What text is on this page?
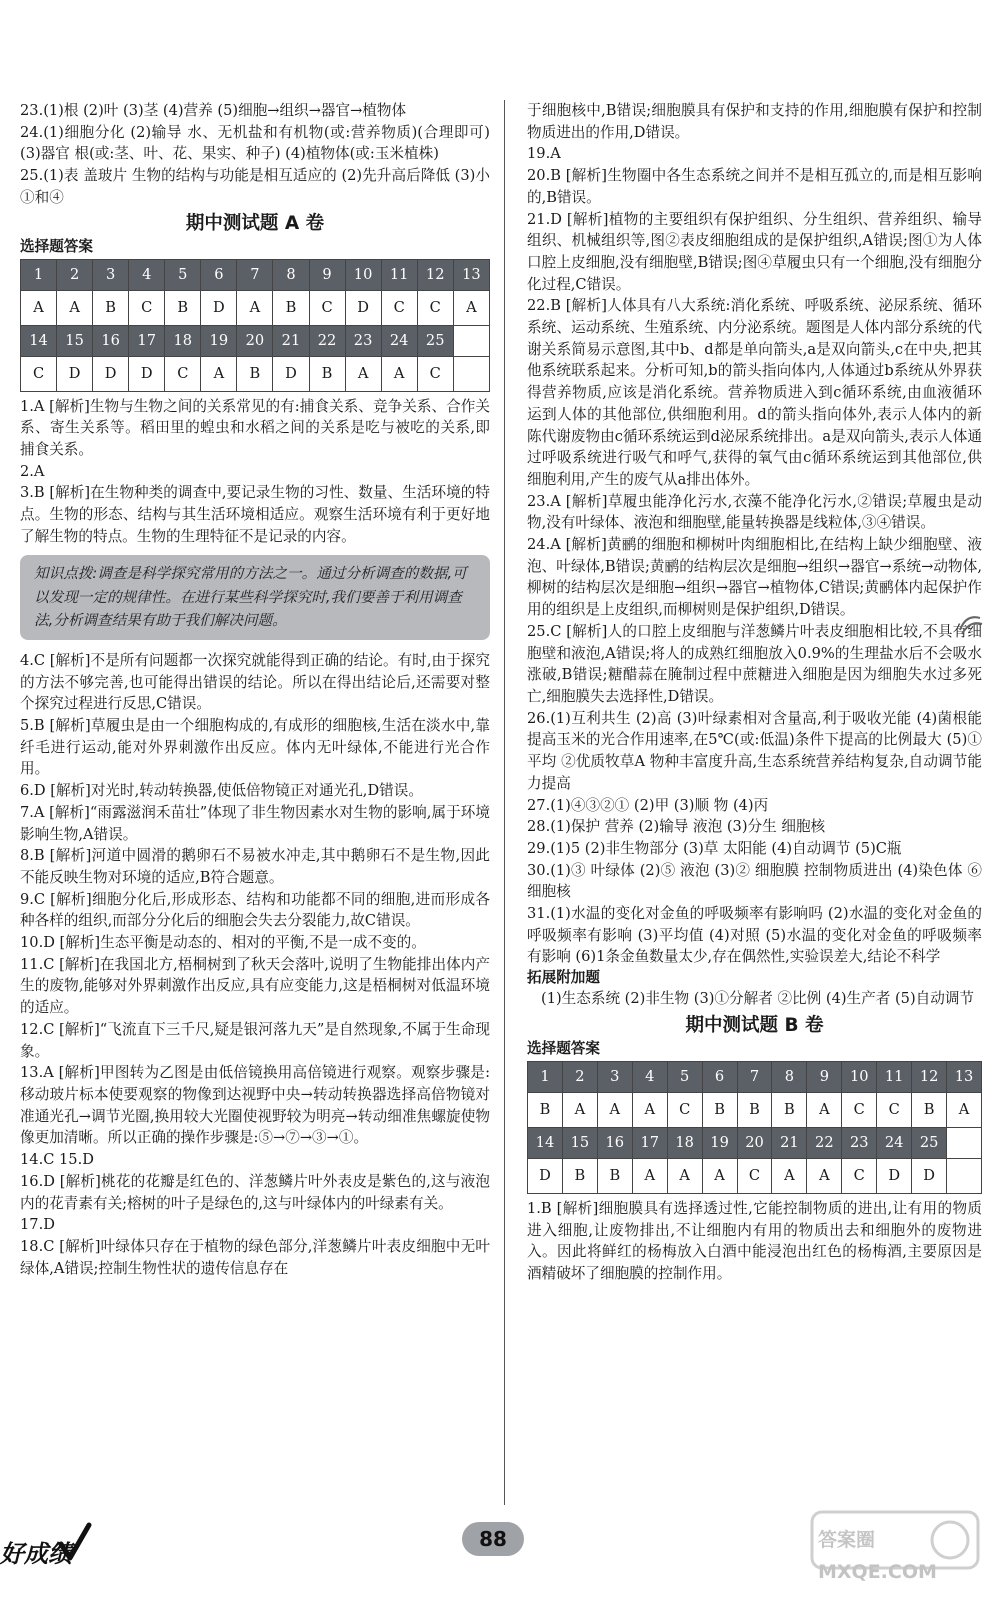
23.(1)根 (2)叶 (3)茎 (4)营养 (5)细胞→组织→器官→植物体

24.(1)细胞分化 (2)输导 水、无机盐和有机物(或:营养物质)(合理即可) (3)器官 根(或:茎、叶、花、果实、种子) (4)植物体(或:玉米植株)

25.(1)表 盖玻片 生物的结构与功能是相互适应的 (2)先升高后降低 (3)小 ①和④

期中测试题 A 卷
选择题答案
1	2	3	4	5	6	7	8	9	10	11	12	13
A	A	B	C	B	D	A	B	C	D	C	C	A
14	15	16	17	18	19	20	21	22	23	24	25	
C	D	D	D	C	A	B	D	B	A	A	C	

1.A [解析]生物与生物之间的关系常见的有:捕食关系、竞争关系、合作关系、寄生关系等。稻田里的蝗虫和水稻之间的关系是吃与被吃的关系,即捕食关系。

2.A

3.B [解析]在生物种类的调查中,要记录生物的习性、数量、生活环境的特点。生物的形态、结构与其生活环境相适应。观察生活环境有利于更好地了解生物的特点。生物的生理特征不是记录的内容。

知识点拨:调查是科学探究常用的方法之一。通过分析调查的数据,可以发现一定的规律性。在进行某些科学探究时,我们要善于利用调查法,分析调查结果有助于我们解决问题。

4.C [解析]不是所有问题都一次探究就能得到正确的结论。有时,由于探究的方法不够完善,也可能得出错误的结论。所以在得出结论后,还需要对整个探究过程进行反思,C错误。

5.B [解析]草履虫是由一个细胞构成的,有成形的细胞核,生活在淡水中,靠纤毛进行运动,能对外界刺激作出反应。体内无叶绿体,不能进行光合作用。

6.D [解析]对光时,转动转换器,使低倍物镜正对通光孔,D错误。

7.A [解析]“雨露滋润禾苗壮”体现了非生物因素水对生物的影响,属于环境影响生物,A错误。

8.B [解析]河道中圆滑的鹅卵石不易被水冲走,其中鹅卵石不是生物,因此不能反映生物对环境的适应,B符合题意。

9.C [解析]细胞分化后,形成形态、结构和功能都不同的细胞,进而形成各种各样的组织,而部分分化后的细胞会失去分裂能力,故C错误。

10.D [解析]生态平衡是动态的、相对的平衡,不是一成不变的。

11.C [解析]在我国北方,梧桐树到了秋天会落叶,说明了生物能排出体内产生的废物,能够对外界刺激作出反应,具有应变能力,这是梧桐树对低温环境的适应。

12.C [解析]“飞流直下三千尺,疑是银河落九天”是自然现象,不属于生命现象。

13.A [解析]甲图转为乙图是由低倍镜换用高倍镜进行观察。观察步骤是:移动玻片标本使要观察的物像到达视野中央→转动转换器选择高倍物镜对准通光孔→调节光圈,换用较大光圈使视野较为明亮→转动细准焦螺旋使物像更加清晰。所以正确的操作步骤是:⑤→⑦→③→①。

14.C 15.D

16.D [解析]桃花的花瓣是红色的、洋葱鳞片叶外表皮是紫色的,这与液泡内的花青素有关;榕树的叶子是绿色的,这与叶绿体内的叶绿素有关。

17.D

18.C [解析]叶绿体只存在于植物的绿色部分,洋葱鳞片叶表皮细胞中无叶绿体,A错误;控制生物性状的遗传信息存在

于细胞核中,B错误;细胞膜具有保护和支持的作用,细胞膜有保护和控制物质进出的作用,D错误。

19.A

20.B [解析]生物圈中各生态系统之间并不是相互孤立的,而是相互影响的,B错误。

21.D [解析]植物的主要组织有保护组织、分生组织、营养组织、输导组织、机械组织等,图②表皮细胞组成的是保护组织,A错误;图①为人体口腔上皮细胞,没有细胞壁,B错误;图④草履虫只有一个细胞,没有细胞分化过程,C错误。

22.B [解析]人体具有八大系统:消化系统、呼吸系统、泌尿系统、循环系统、运动系统、生殖系统、内分泌系统。题图是人体内部分系统的代谢关系简易示意图,其中b、d都是单向箭头,a是双向箭头,c在中央,把其他系统联系起来。分析可知,b的箭头指向体内,人体通过b系统从外界获得营养物质,应该是消化系统。营养物质进入到c循环系统,由血液循环运到人体的其他部位,供细胞利用。d的箭头指向体外,表示人体内的新陈代谢废物由c循环系统运到d泌尿系统排出。a是双向箭头,表示人体通过呼吸系统进行吸气和呼气,获得的氧气由c循环系统运到其他部位,供细胞利用,产生的废气从a排出体外。

23.A [解析]草履虫能净化污水,衣藻不能净化污水,②错误;草履虫是动物,没有叶绿体、液泡和细胞壁,能量转换器是线粒体,③④错误。

24.A [解析]黄鹂的细胞和柳树叶肉细胞相比,在结构上缺少细胞壁、液泡、叶绿体,B错误;黄鹂的结构层次是细胞→组织→器官→系统→动物体,柳树的结构层次是细胞→组织→器官→植物体,C错误;黄鹂体内起保护作用的组织是上皮组织,而柳树则是保护组织,D错误。

25.C [解析]人的口腔上皮细胞与洋葱鳞片叶表皮细胞相比较,不具有细胞壁和液泡,A错误;将人的成熟红细胞放入0.9%的生理盐水后不会吸水涨破,B错误;糖醋蒜在腌制过程中蔗糖进入细胞是因为细胞失水过多死亡,细胞膜失去选择性,D错误。

26.(1)互利共生 (2)高 (3)叶绿素相对含量高,利于吸收光能 (4)菌根能提高玉米的光合作用速率,在5℃(或:低温)条件下提高的比例最大 (5)①平均 ②优质牧草A 物种丰富度升高,生态系统营养结构复杂,自动调节能力提高

27.(1)④③②① (2)甲 (3)顺 物 (4)丙

28.(1)保护 营养 (2)输导 液泡 (3)分生 细胞核

29.(1)5 (2)非生物部分 (3)草 太阳能 (4)自动调节 (5)C瓶

30.(1)③ 叶绿体 (2)⑤ 液泡 (3)② 细胞膜 控制物质进出 (4)染色体 ⑥ 细胞核

31.(1)水温的变化对金鱼的呼吸频率有影响吗 (2)水温的变化对金鱼的呼吸频率有影响 (3)平均值 (4)对照 (5)水温的变化对金鱼的呼吸频率有影响 (6)1条金鱼数量太少,存在偶然性,实验误差大,结论不科学

拓展附加题

(1)生态系统 (2)非生物 (3)①分解者 ②比例 (4)生产者 (5)自动调节

期中测试题 B 卷
选择题答案
1	2	3	4	5	6	7	8	9	10	11	12	13
B	A	A	A	C	B	B	B	A	C	C	B	A
14	15	16	17	18	19	20	21	22	23	24	25	
D	B	B	A	A	A	C	A	A	C	D	D	

1.B [解析]细胞膜具有选择透过性,它能控制物质的进出,让有用的物质进入细胞,让废物排出,不让细胞内有用的物质出去和细胞外的废物进入。因此将鲜红的杨梅放入白酒中能浸泡出红色的杨梅酒,主要原因是酒精破坏了细胞膜的控制作用。

好成绩
88	答案圈 MXQE.COM
